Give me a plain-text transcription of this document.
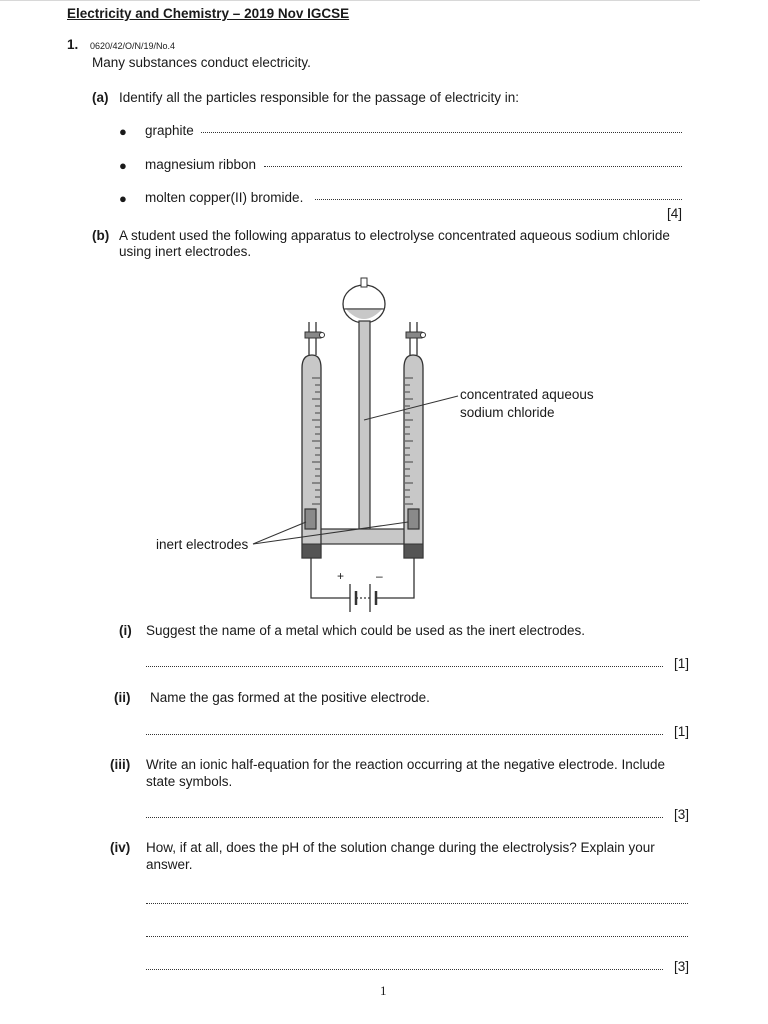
Electricity and Chemistry – 2019 Nov IGCSE
1. 0620/42/O/N/19/No.4
Many substances conduct electricity.
(a) Identify all the particles responsible for the passage of electricity in:
● graphite
● magnesium ribbon
● molten copper(II) bromide.
[4]
(b) A student used the following apparatus to electrolyse concentrated aqueous sodium chloride
using inert electrodes.
+	–
concentrated aqueous
sodium chloride
inert electrodes
(i) Suggest the name of a metal which could be used as the inert electrodes.
[1]
(ii) Name the gas formed at the positive electrode.
[1]
(iii) Write an ionic half-equation for the reaction occurring at the negative electrode. Include
state symbols.
[3]
(iv) How, if at all, does the pH of the solution change during the electrolysis? Explain your
answer.
[3]
1
